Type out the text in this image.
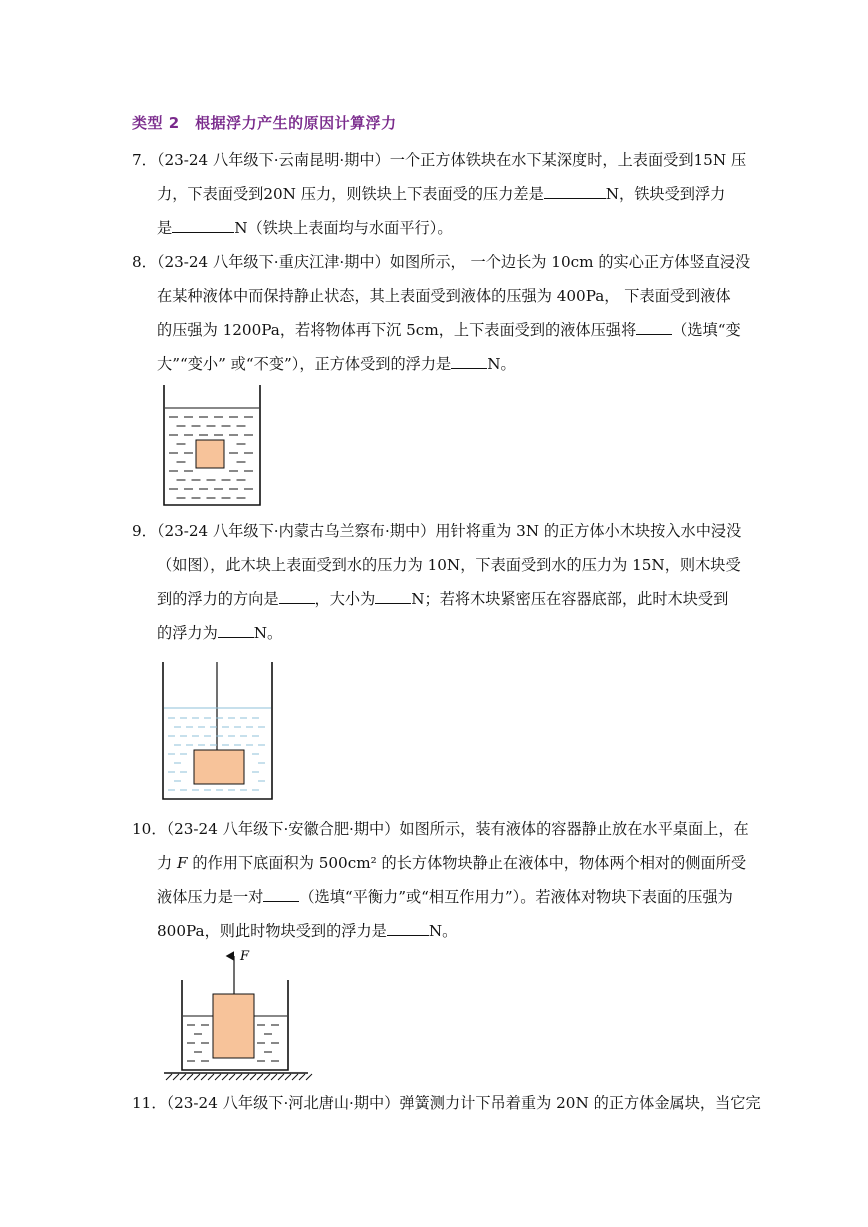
类型 2　根据浮力产生的原因计算浮力
7．（23-24 八年级下·云南昆明·期中）一个正方体铁块在水下某深度时，上表面受到15N 压
力，下表面受到20N 压力，则铁块上下表面受的压力差是	N，铁块受到浮力
是	N（铁块上表面均与水面平行）。
8．（23-24 八年级下·重庆江津·期中）如图所示， 一个边长为 10cm 的实心正方体竖直浸没
在某种液体中而保持静止状态，其上表面受到液体的压强为 400Pa， 下表面受到液体
的压强为 1200Pa，若将物体再下沉 5cm，上下表面受到的液体压强将 （选填“变
大”“变小” 或“不变”），正方体受到的浮力是 N。
9．（23-24 八年级下·内蒙古乌兰察布·期中）用针将重为 3N 的正方体小木块按入水中浸没
（如图），此木块上表面受到水的压力为 10N，下表面受到水的压力为 15N，则木块受
到的浮力的方向是 ，大小为 N；若将木块紧密压在容器底部，此时木块受到
的浮力为 N。
10．（23-24 八年级下·安徽合肥·期中）如图所示，装有液体的容器静止放在水平桌面上，在
力 F 的作用下底面积为 500cm² 的长方体物块静止在液体中，物体两个相对的侧面所受
液体压力是一对 （选填“平衡力”或“相互作用力”）。若液体对物块下表面的压强为
800Pa，则此时物块受到的浮力是	N。
F
11．（23-24 八年级下·河北唐山·期中）弹簧测力计下吊着重为 20N 的正方体金属块，当它完
